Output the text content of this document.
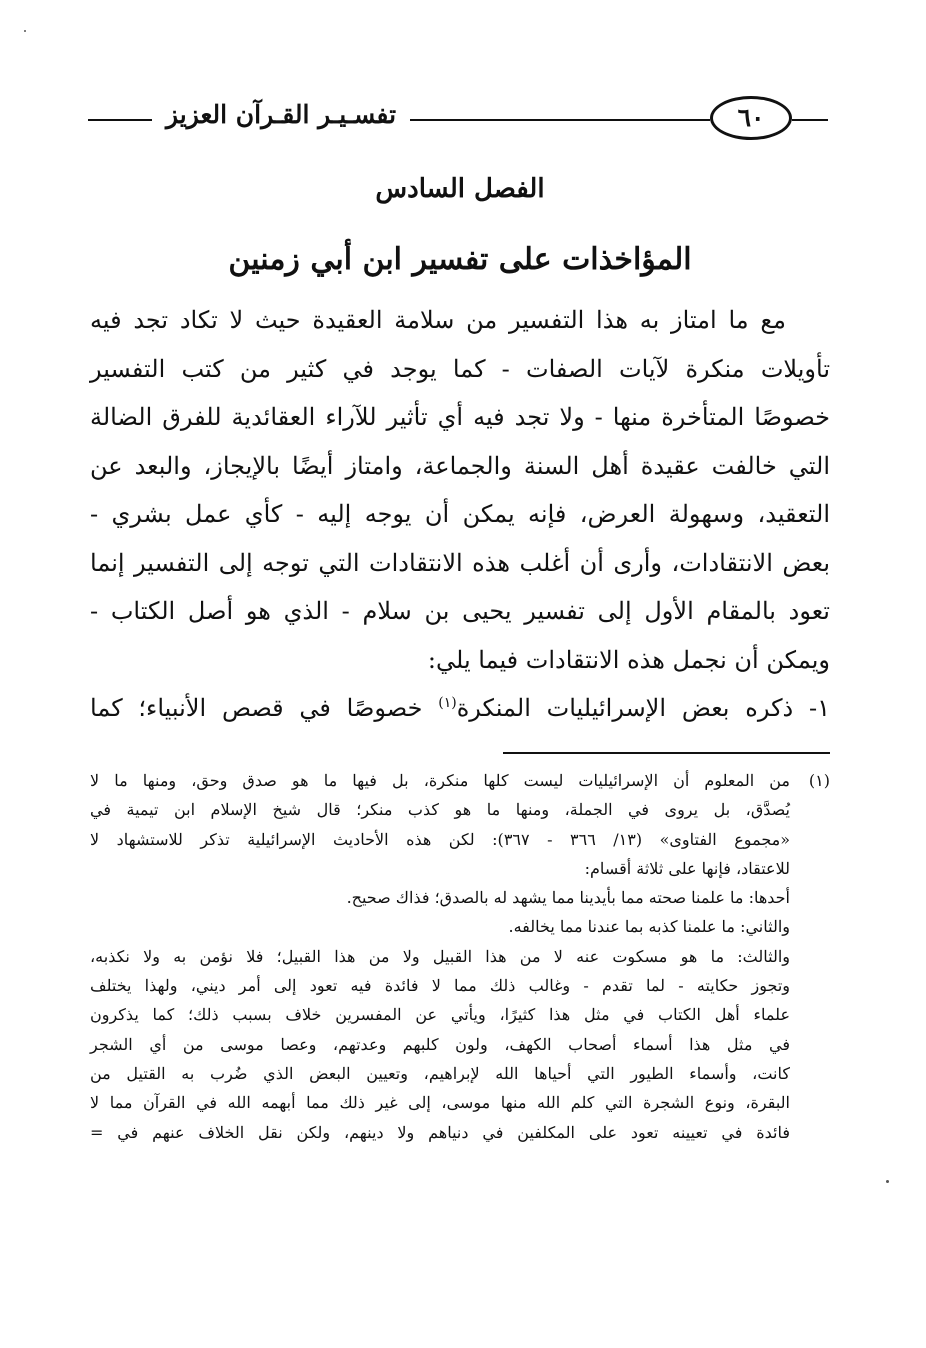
تفسـيـر القـرآن العزيز	٦٠
الفصل السادس
المؤاخذات على تفسير ابن أبي زمنين
مع ما امتاز به هذا التفسير من سلامة العقيدة حيث لا تكاد تجد فيه
تأويلات منكرة لآيات الصفات - كما يوجد في كثير من كتب التفسير
خصوصًا المتأخرة منها - ولا تجد فيه أي تأثير للآراء العقائدية للفرق الضالة
التي خالفت عقيدة أهل السنة والجماعة، وامتاز أيضًا بالإيجاز، والبعد عن
التعقيد، وسهولة العرض، فإنه يمكن أن يوجه إليه - كأي عمل بشري -
بعض الانتقادات، وأرى أن أغلب هذه الانتقادات التي توجه إلى التفسير إنما
تعود بالمقام الأول إلى تفسير يحيى بن سلام - الذي هو أصل الكتاب -
ويمكن أن نجمل هذه الانتقادات فيما يلي:
١- ذكره بعض الإسرائيليات المنكرة$^{(١)}$ خصوصًا في قصص الأنبياء؛ كما
(١)
من المعلوم أن الإسرائيليات ليست كلها منكرة، بل فيها ما هو صدق وحق، ومنها ما لا
يُصدَّق، بل يروى في الجملة، ومنها ما هو كذب منكر؛ قال شيخ الإسلام ابن تيمية في
«مجموع الفتاوى» (١٣/ ٣٦٦ - ٣٦٧): لكن هذه الأحاديث الإسرائيلية تذكر للاستشهاد لا
للاعتقاد، فإنها على ثلاثة أقسام:
أحدها: ما علمنا صحته مما بأيدينا مما يشهد له بالصدق؛ فذاك صحيح.
والثاني: ما علمنا كذبه بما عندنا مما يخالفه.
والثالث: ما هو مسكوت عنه لا من هذا القبيل ولا من هذا القبيل؛ فلا نؤمن به ولا نكذبه،
وتجوز حكايته - لما تقدم - وغالب ذلك مما لا فائدة فيه تعود إلى أمر ديني، ولهذا يختلف
علماء أهل الكتاب في مثل هذا كثيرًا، ويأتي عن المفسرين خلاف بسبب ذلك؛ كما يذكرون
في مثل هذا أسماء أصحاب الكهف، ولون كلبهم وعدتهم، وعصا موسى من أي الشجر
كانت، وأسماء الطيور التي أحياها الله لإبراهيم، وتعيين البعض الذي ضُرب به القتيل من
البقرة، ونوع الشجرة التي كلم الله منها موسى، إلى غير ذلك مما أبهمه الله في القرآن مما لا
فائدة في تعيينه تعود على المكلفين في دنياهم ولا دينهم، ولكن نقل الخلاف عنهم في =
